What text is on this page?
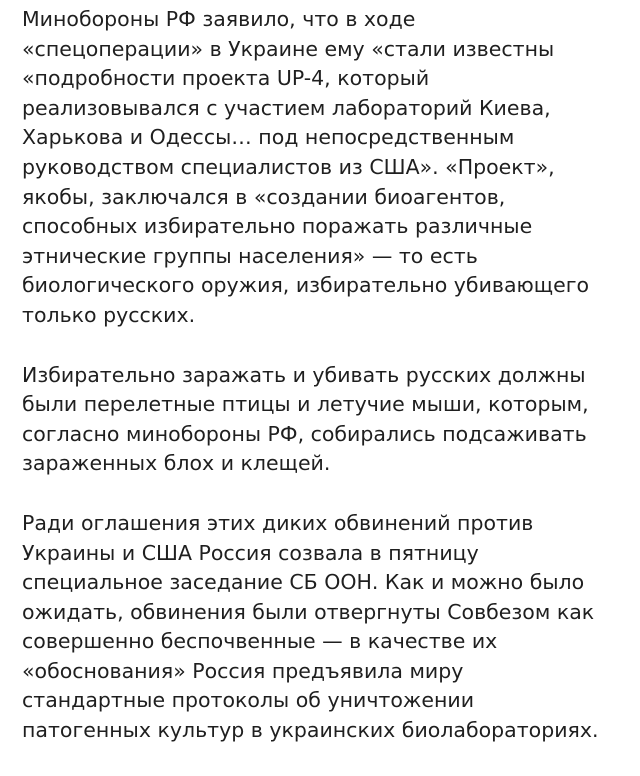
Минобороны РФ заявило, что в ходе
«спецоперации» в Украине ему «стали известны
«подробности проекта UP-4, который
реализовывался с участием лабораторий Киева,
Харькова и Одессы… под непосредственным
руководством специалистов из США». «Проект»,
якобы, заключался в «создании биоагентов,
способных избирательно поражать различные
этнические группы населения» — то есть
биологического оружия, избирательно убивающего
только русских.

Избирательно заражать и убивать русских должны
были перелетные птицы и летучие мыши, которым,
согласно минобороны РФ, собирались подсаживать
зараженных блох и клещей.

Ради оглашения этих диких обвинений против
Украины и США Россия созвала в пятницу
специальное заседание СБ ООН. Как и можно было
ожидать, обвинения были отвергнуты Совбезом как
совершенно беспочвенные — в качестве их
«обоснования» Россия предъявила миру
стандартные протоколы об уничтожении
патогенных культур в украинских биолабораториях.
